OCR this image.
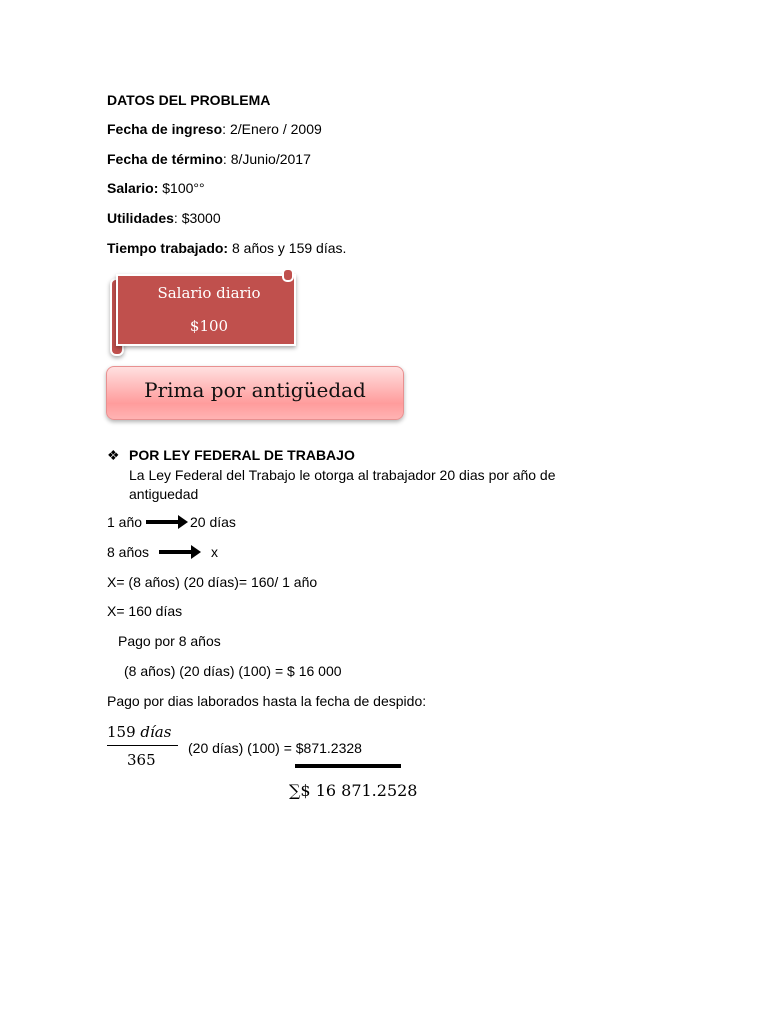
DATOS DEL PROBLEMA
Fecha de ingreso: 2/Enero / 2009
Fecha de término: 8/Junio/2017
Salario: $100°°
Utilidades: $3000
Tiempo trabajado: 8 años y 159 días.
Salario diario
$100
Prima por antigüedad
❖ POR LEY FEDERAL DE TRABAJO
La Ley Federal del Trabajo le otorga al trabajador 20 dias por año de
antiguedad
1 año	20 días
8 años	x
X= (8 años) (20 días)= 160/ 1 año
X= 160 días
Pago por 8 años
(8 años) (20 días) (100) = $ 16 000
Pago por dias laborados hasta la fecha de despido:
159 días
365
(20 días) (100) = $871.2328
∑$ 16 871.2528
